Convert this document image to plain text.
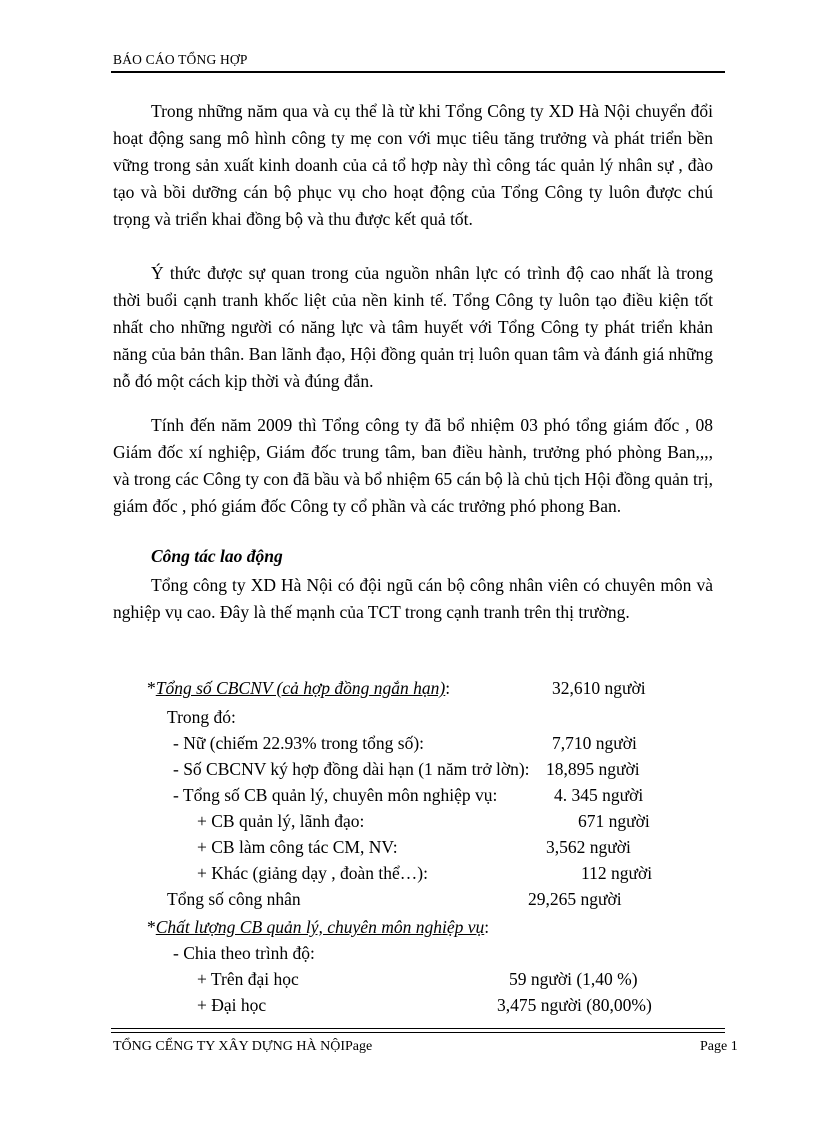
BÁO CÁO TỔNG HỢP

Trong những năm qua và cụ thể là từ khi Tổng Công ty XD Hà Nội chuyển đổi hoạt động sang mô hình công ty mẹ con với mục tiêu tăng trưởng và phát triển bền vững trong sản xuất kinh doanh của cả tổ hợp này thì công tác quản lý nhân sự , đào tạo và bồi dưỡng cán bộ phục vụ cho hoạt động của Tổng Công ty luôn được chú trọng và triển khai đồng bộ và thu được kết quả tốt.

Ý thức được sự quan trong của nguồn nhân lực có trình độ cao nhất là trong thời buổi cạnh tranh khốc liệt của nền kinh tế. Tổng Công ty luôn tạo điều kiện tốt nhất cho những người có năng lực và tâm huyết với Tổng Công ty phát triển khản năng của bản thân. Ban lãnh đạo, Hội đồng quản trị luôn quan tâm và đánh giá những nỗ đó một cách kịp thời và đúng đắn.

Tính đến năm 2009 thì Tổng công ty đã bổ nhiệm 03 phó tổng giám đốc , 08 Giám đốc xí nghiệp, Giám đốc trung tâm, ban điều hành, trưởng phó phòng Ban,,,, và trong các Công ty con đã bầu và bổ nhiệm 65 cán bộ là chủ tịch Hội đồng quản trị, giám đốc , phó giám đốc Công ty cổ phần và các trưởng phó phong Ban.

Công tác lao động

Tổng công ty XD Hà Nội có đội ngũ cán bộ công nhân viên có chuyên môn và nghiệp vụ cao. Đây là thế mạnh của TCT trong cạnh tranh trên thị trường.

*Tổng số CBCNV (cả hợp đồng ngắn hạn):	32,610 người
Trong đó:
- Nữ (chiếm 22.93% trong tổng số):	7,710 người
- Số CBCNV ký hợp đồng dài hạn (1 năm trở lờn): 18,895 người
- Tổng số CB quản lý, chuyên môn nghiệp vụ:	4. 345 người
+ CB quản lý, lãnh đạo:	671 người
+ CB làm công tác CM, NV:	3,562 người
+ Khác (giảng dạy , đoàn thể…):	112 người
Tổng số công nhân	29,265 người
*Chất lượng CB quản lý, chuyên môn nghiệp vụ:
- Chia theo trình độ:
+ Trên đại học	59 người (1,40 %)
+ Đại học	3,475 người (80,00%)
TỔNG CỂNG TY XÂY DỰNG HÀ NỘIPage	Page 1
